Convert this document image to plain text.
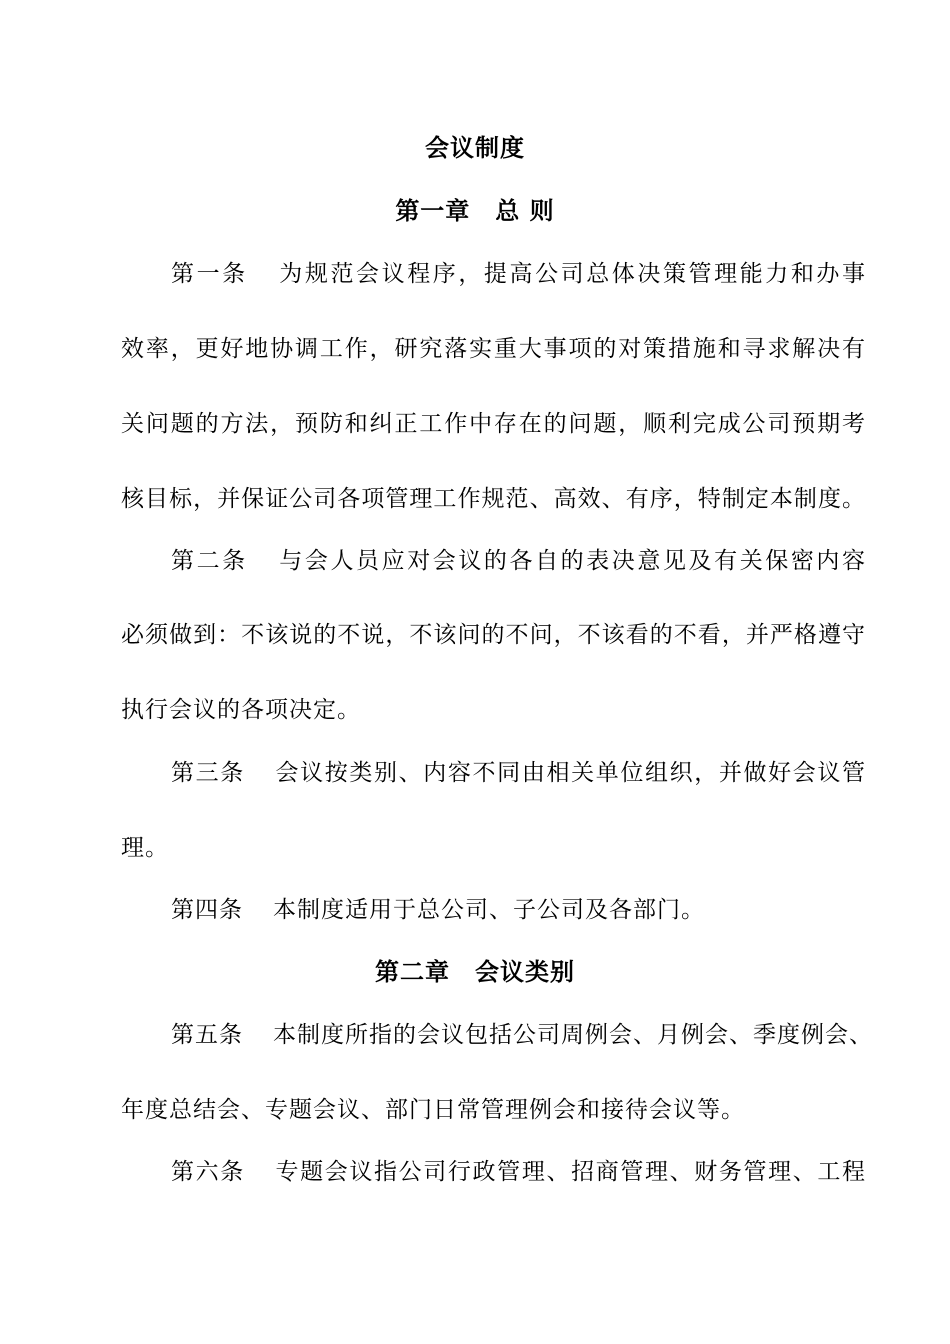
会议制度
第一章　总 则
第一条 为规范会议程序，提高公司总体决策管理能力和办事
效率，更好地协调工作，研究落实重大事项的对策措施和寻求解决有
关问题的方法，预防和纠正工作中存在的问题，顺利完成公司预期考
核目标，并保证公司各项管理工作规范、高效、有序，特制定本制度。
第二条 与会人员应对会议的各自的表决意见及有关保密内容
必须做到：不该说的不说，不该问的不问，不该看的不看，并严格遵守
执行会议的各项决定。
第三条 会议按类别、内容不同由相关单位组织，并做好会议管
理。
第四条 本制度适用于总公司、子公司及各部门。
第二章　会议类别
第五条 本制度所指的会议包括公司周例会、月例会、季度例会、
年度总结会、专题会议、部门日常管理例会和接待会议等。
第六条 专题会议指公司行政管理、招商管理、财务管理、工程
